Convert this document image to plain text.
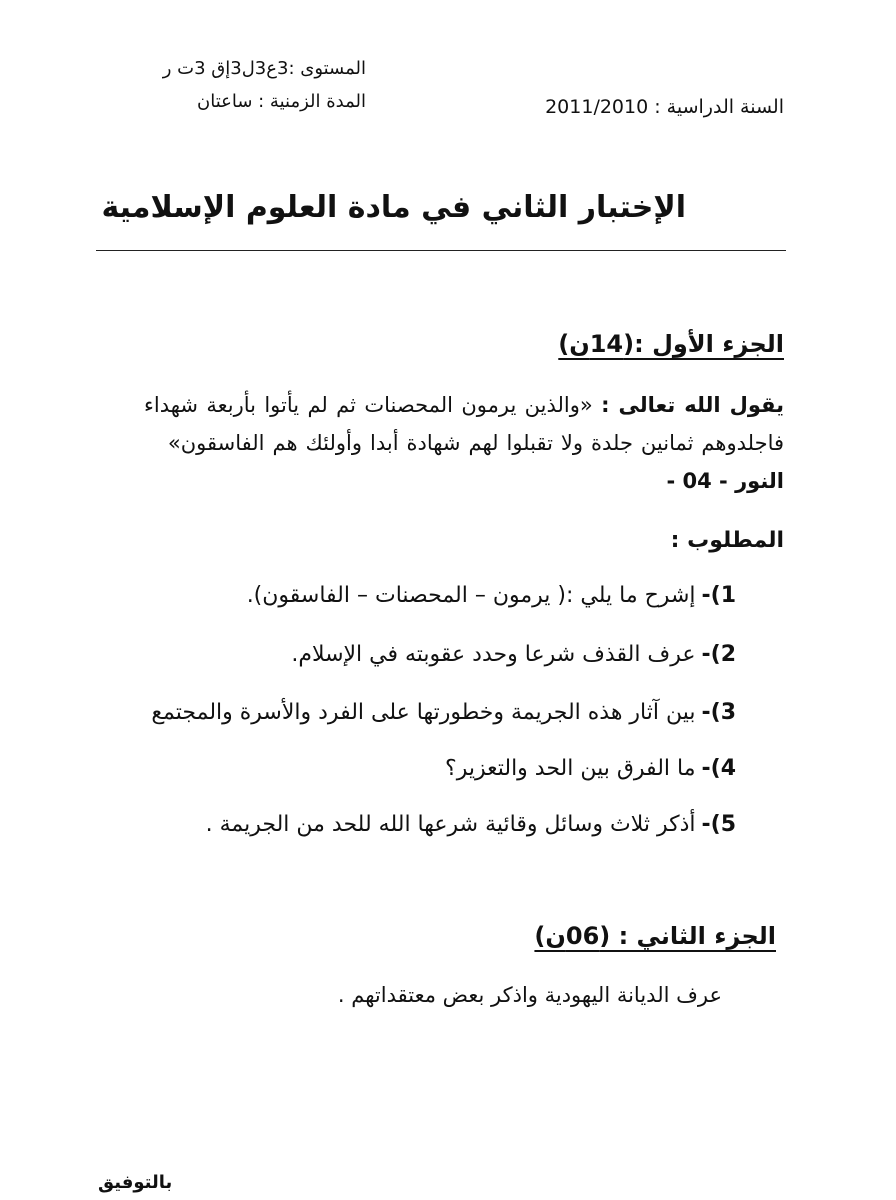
المستوى :3ع3ل3إق 3ت ر
المدة الزمنية : ساعتان	السنة الدراسية : 2011/2010
الإختبار الثاني في مادة العلوم الإسلامية
الجزء الأول :(14ن)
يقول الله تعالى : «والذين يرمون المحصنات ثم لم يأتوا بأربعة شهداء فاجلدوهم ثمانين جلدة ولا تقبلوا لهم شهادة أبدا وأولئك هم الفاسقون»    النور - 04 -
المطلوب :
1)-إشرح ما يلي :( يرمون – المحصنات – الفاسقون).
2)-عرف القذف شرعا وحدد عقوبته في الإسلام.
3)-بين آثار هذه الجريمة وخطورتها على الفرد والأسرة والمجتمع
4)-ما الفرق بين الحد والتعزير؟
5)-أذكر ثلاث وسائل وقائية شرعها الله للحد من الجريمة .
الجزء الثاني : (06ن)
عرف الديانة اليهودية واذكر بعض معتقداتهم .
بالتوفيق
